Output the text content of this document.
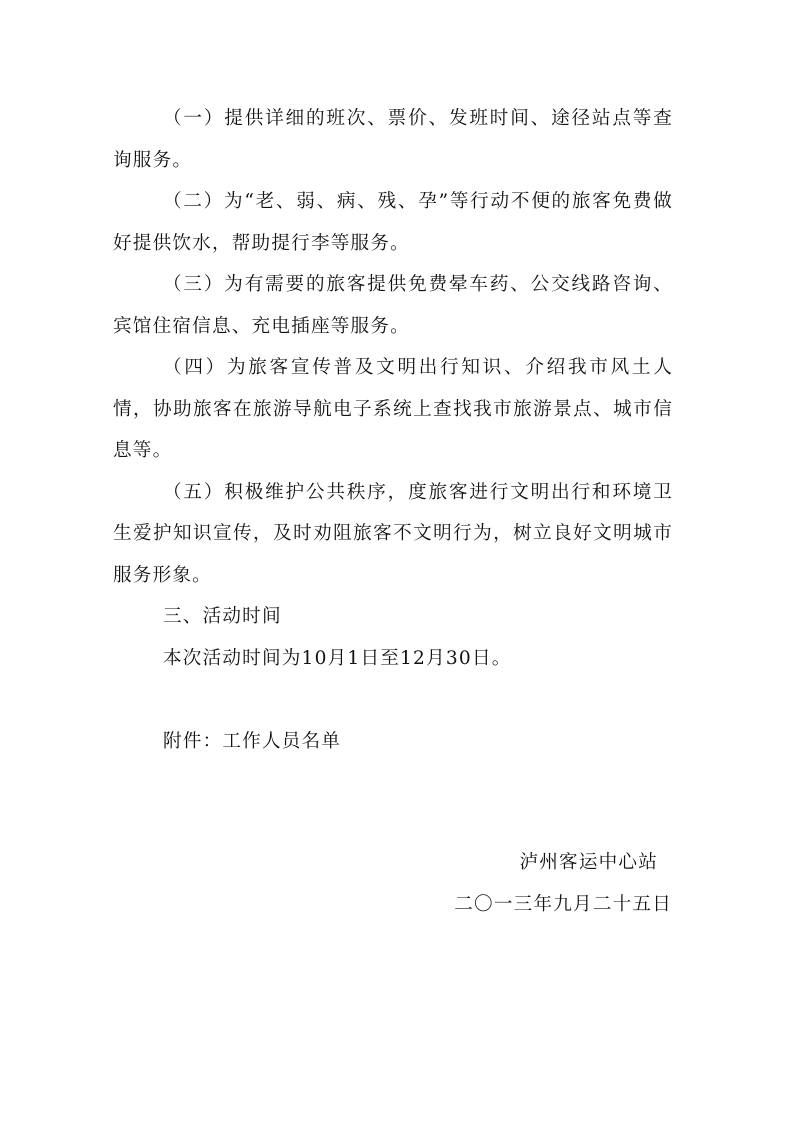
（一）提供详细的班次、票价、发班时间、途径站点等查询服务。

（二）为“老、弱、病、残、孕”等行动不便的旅客免费做好提供饮水，帮助提行李等服务。

（三）为有需要的旅客提供免费晕车药、公交线路咨询、宾馆住宿信息、充电插座等服务。

（四）为旅客宣传普及文明出行知识、介绍我市风土人情，协助旅客在旅游导航电子系统上查找我市旅游景点、城市信息等。

（五）积极维护公共秩序，度旅客进行文明出行和环境卫生爱护知识宣传，及时劝阻旅客不文明行为，树立良好文明城市服务形象。

三、活动时间

本次活动时间为10月1日至12月30日。

附件：工作人员名单

泸州客运中心站
二〇一三年九月二十五日
